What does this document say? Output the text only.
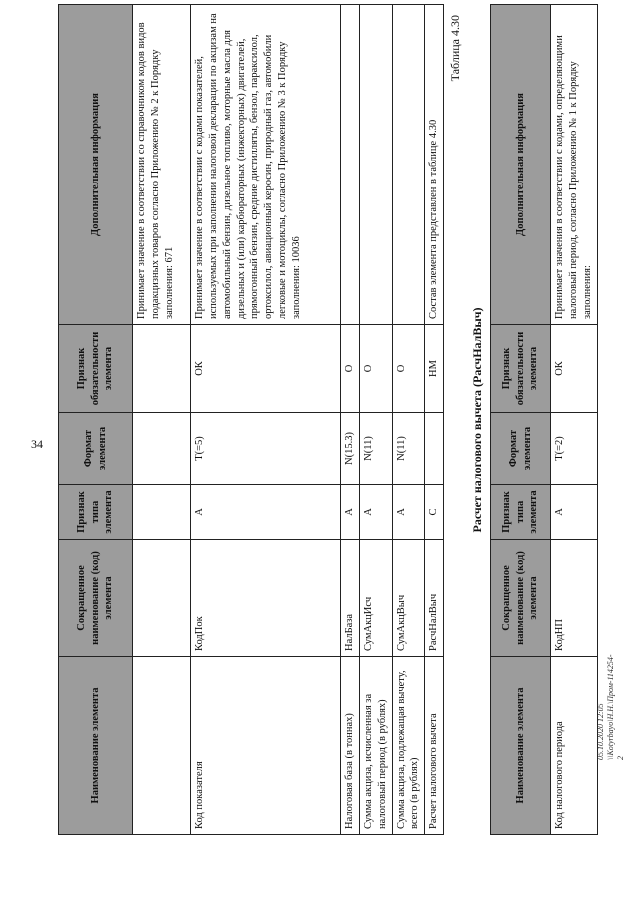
34
Наименование элемента	Сокращенное наименование (код) элемента	Признак типа элемента	Формат элемента	Признак обязательности элемента	Дополнительная информация
					Принимает значение в соответствии со справочником кодов видов подакцизных товаров согласно Приложению № 2 к Порядку заполнения: 671
Код показателя	КодПок	А	T(=5)	ОК	Принимает значение в соответствии с кодами показателей, используемых при заполнении налоговой декларации по акцизам на автомобильный бензин, дизельное топливо, моторные масла для дизельных и (или) карбюраторных (инжекторных) двигателей, прямогонный бензин, средние дистилляты, бензол, параксилол, ортоксилол, авиационный керосин, природный газ, автомобили легковые и мотоциклы, согласно Приложению № 3 к Порядку заполнения: 10036
Налоговая база (в тоннах)	НалБаза	А	N(15.3)	О	
Сумма акциза, исчисленная за налоговый период (в рублях)	СумАкцИсч	А	N(11)	О	
Сумма акциза, подлежащая вычету, всего (в рублях)	СумАкцВыч	А	N(11)	О	
Расчет налогового вычета	РасчНалВыч	С		НМ	Состав элемента представлен в таблице 4.30
Таблица 4.30
Расчет налогового вычета (РасчНалВыч)
Наименование элемента	Сокращенное наименование (код) элемента	Признак типа элемента	Формат элемента	Признак обязательности элемента	Дополнительная информация
Код налогового периода	КодНП	А	T(=2)	ОК	Принимает значения в соответствии с кодами, определяющими налоговый период, согласно Приложению № 1 к Порядку заполнения:
05.10.2020 12:05 \\Kotyrbayo\Н.Н.\Пром-114254-2
